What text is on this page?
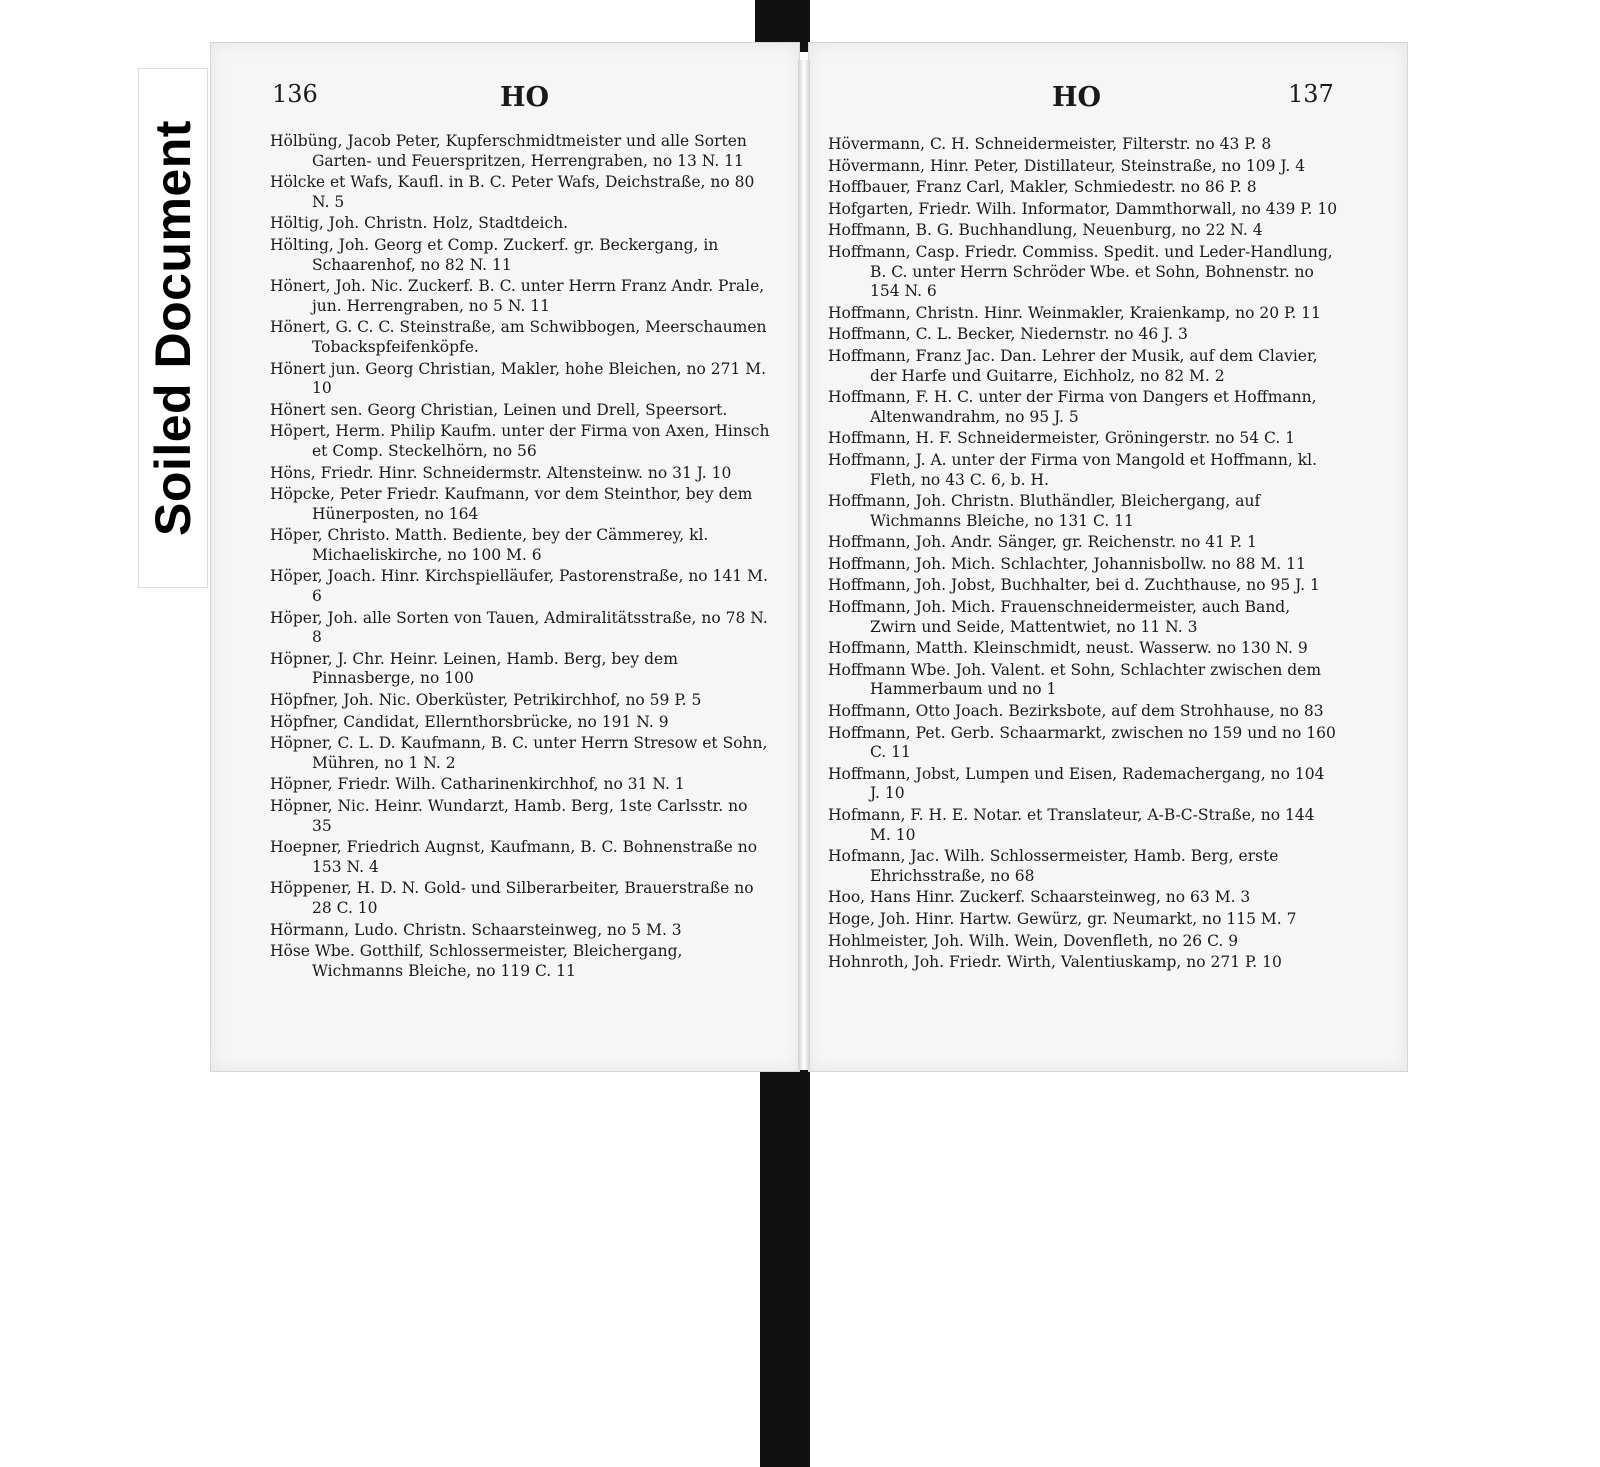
Soiled Document
136	HO	HO	137
Hölbüng, Jacob Peter, Kupferschmidtmeister und alle Sorten Garten- und Feuerspritzen, Herrengraben, no 13 N. 11
Hölcke et Wafs, Kaufl. in B. C. Peter Wafs, Deichstraße, no 80 N. 5
Höltig, Joh. Christn. Holz, Stadtdeich.
Hölting, Joh. Georg et Comp. Zuckerf. gr. Beckergang, in Schaarenhof, no 82 N. 11
Hönert, Joh. Nic. Zuckerf. B. C. unter Herrn Franz Andr. Prale, jun. Herrengraben, no 5 N. 11
Hönert, G. C. C. Steinstraße, am Schwibbogen, Meerschaumen Tobackspfeifenköpfe.
Hönert jun. Georg Christian, Makler, hohe Bleichen, no 271 M. 10
Hönert sen. Georg Christian, Leinen und Drell, Speersort.
Höpert, Herm. Philip Kaufm. unter der Firma von Axen, Hinsch et Comp. Steckelhörn, no 56
Höns, Friedr. Hinr. Schneidermstr. Altensteinw. no 31 J. 10
Höpcke, Peter Friedr. Kaufmann, vor dem Steinthor, bey dem Hünerposten, no 164
Höper, Christo. Matth. Bediente, bey der Cämmerey, kl. Michaeliskirche, no 100 M. 6
Höper, Joach. Hinr. Kirchspielläufer, Pastorenstraße, no 141 M. 6
Höper, Joh. alle Sorten von Tauen, Admiralitätsstraße, no 78 N. 8
Höpner, J. Chr. Heinr. Leinen, Hamb. Berg, bey dem Pinnasberge, no 100
Höpfner, Joh. Nic. Oberküster, Petrikirchhof, no 59 P. 5
Höpfner, Candidat, Ellernthorsbrücke, no 191 N. 9
Höpner, C. L. D. Kaufmann, B. C. unter Herrn Stresow et Sohn, Mühren, no 1 N. 2
Höpner, Friedr. Wilh. Catharinenkirchhof, no 31 N. 1
Höpner, Nic. Heinr. Wundarzt, Hamb. Berg, 1ste Carlsstr. no 35
Hoepner, Friedrich Augnst, Kaufmann, B. C. Bohnenstraße no 153 N. 4
Höppener, H. D. N. Gold- und Silberarbeiter, Brauerstraße no 28 C. 10
Hörmann, Ludo. Christn. Schaarsteinweg, no 5 M. 3
Höse Wbe. Gotthilf, Schlossermeister, Bleichergang, Wichmanns Bleiche, no 119 C. 11
Hövermann, C. H. Schneidermeister, Filterstr. no 43 P. 8
Hövermann, Hinr. Peter, Distillateur, Steinstraße, no 109 J. 4
Hoffbauer, Franz Carl, Makler, Schmiedestr. no 86 P. 8
Hofgarten, Friedr. Wilh. Informator, Dammthorwall, no 439 P. 10
Hoffmann, B. G. Buchhandlung, Neuenburg, no 22 N. 4
Hoffmann, Casp. Friedr. Commiss. Spedit. und Leder-Handlung, B. C. unter Herrn Schröder Wbe. et Sohn, Bohnenstr. no 154 N. 6
Hoffmann, Christn. Hinr. Weinmakler, Kraienkamp, no 20 P. 11
Hoffmann, C. L. Becker, Niedernstr. no 46 J. 3
Hoffmann, Franz Jac. Dan. Lehrer der Musik, auf dem Clavier, der Harfe und Guitarre, Eichholz, no 82 M. 2
Hoffmann, F. H. C. unter der Firma von Dangers et Hoffmann, Altenwandrahm, no 95 J. 5
Hoffmann, H. F. Schneidermeister, Gröningerstr. no 54 C. 1
Hoffmann, J. A. unter der Firma von Mangold et Hoffmann, kl. Fleth, no 43 C. 6, b. H.
Hoffmann, Joh. Christn. Bluthändler, Bleichergang, auf Wichmanns Bleiche, no 131 C. 11
Hoffmann, Joh. Andr. Sänger, gr. Reichenstr. no 41 P. 1
Hoffmann, Joh. Mich. Schlachter, Johannisbollw. no 88 M. 11
Hoffmann, Joh. Jobst, Buchhalter, bei d. Zuchthause, no 95 J. 1
Hoffmann, Joh. Mich. Frauenschneidermeister, auch Band, Zwirn und Seide, Mattentwiet, no 11 N. 3
Hoffmann, Matth. Kleinschmidt, neust. Wasserw. no 130 N. 9
Hoffmann Wbe. Joh. Valent. et Sohn, Schlachter zwischen dem Hammerbaum und no 1
Hoffmann, Otto Joach. Bezirksbote, auf dem Strohhause, no 83
Hoffmann, Pet. Gerb. Schaarmarkt, zwischen no 159 und no 160 C. 11
Hoffmann, Jobst, Lumpen und Eisen, Rademachergang, no 104 J. 10
Hofmann, F. H. E. Notar. et Translateur, A-B-C-Straße, no 144 M. 10
Hofmann, Jac. Wilh. Schlossermeister, Hamb. Berg, erste Ehrichsstraße, no 68
Hoo, Hans Hinr. Zuckerf. Schaarsteinweg, no 63 M. 3
Hoge, Joh. Hinr. Hartw. Gewürz, gr. Neumarkt, no 115 M. 7
Hohlmeister, Joh. Wilh. Wein, Dovenfleth, no 26 C. 9
Hohnroth, Joh. Friedr. Wirth, Valentiuskamp, no 271 P. 10
